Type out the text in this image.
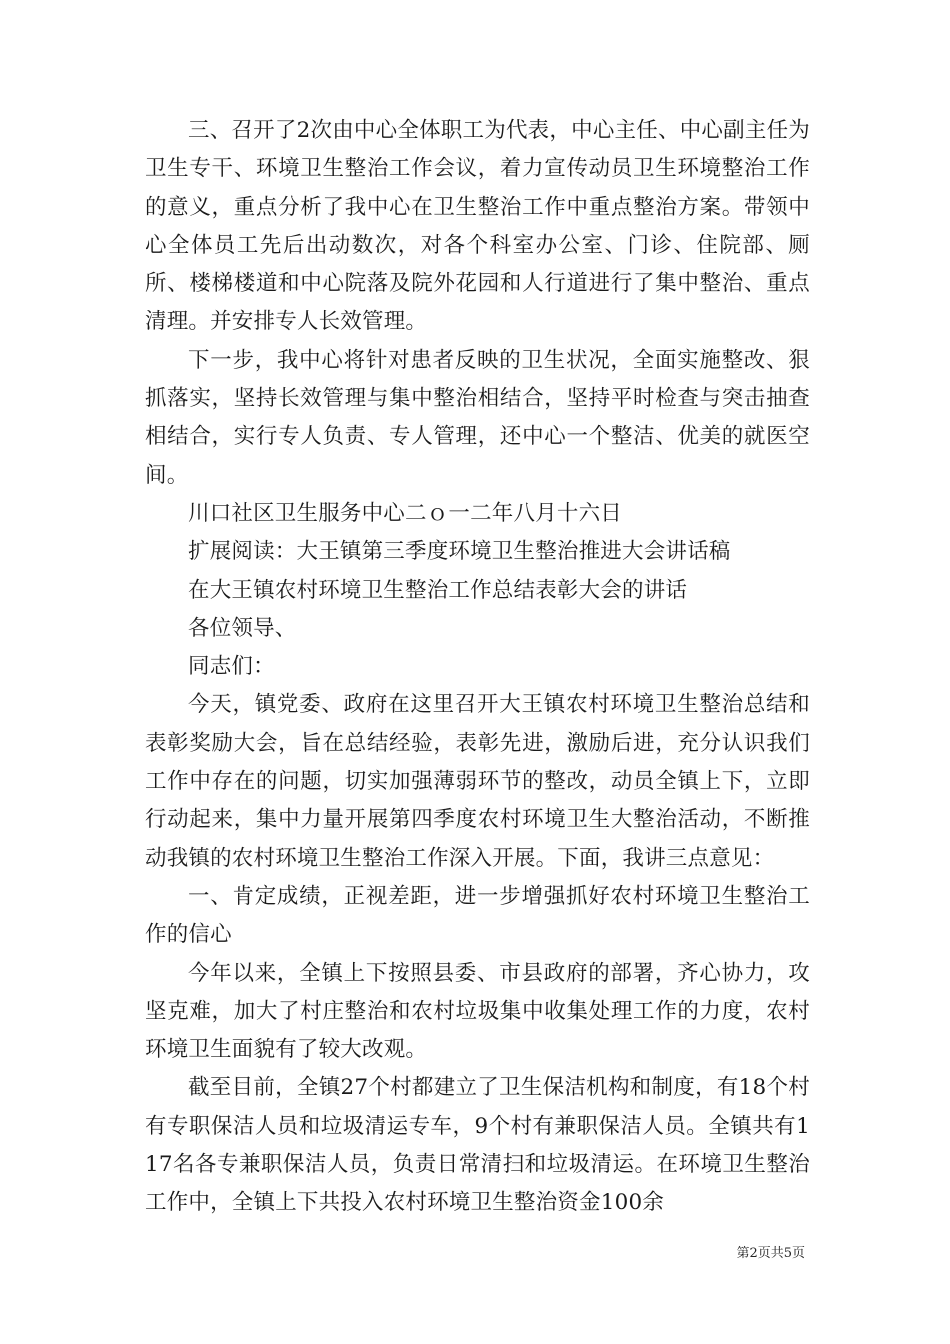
三、召开了2次由中心全体职工为代表，中心主任、中心副主任为卫生专干、环境卫生整治工作会议，着力宣传动员卫生环境整治工作的意义，重点分析了我中心在卫生整治工作中重点整治方案。带领中心全体员工先后出动数次，对各个科室办公室、门诊、住院部、厕所、楼梯楼道和中心院落及院外花园和人行道进行了集中整治、重点清理。并安排专人长效管理。

下一步，我中心将针对患者反映的卫生状况，全面实施整改、狠抓落实，坚持长效管理与集中整治相结合，坚持平时检查与突击抽查相结合，实行专人负责、专人管理，还中心一个整洁、优美的就医空间。

川口社区卫生服务中心二ｏ一二年八月十六日

扩展阅读：大王镇第三季度环境卫生整治推进大会讲话稿

在大王镇农村环境卫生整治工作总结表彰大会的讲话

各位领导、

同志们：

今天，镇党委、政府在这里召开大王镇农村环境卫生整治总结和表彰奖励大会，旨在总结经验，表彰先进，激励后进，充分认识我们工作中存在的问题，切实加强薄弱环节的整改，动员全镇上下，立即行动起来，集中力量开展第四季度农村环境卫生大整治活动，不断推动我镇的农村环境卫生整治工作深入开展。下面，我讲三点意见：

一、肯定成绩，正视差距，进一步增强抓好农村环境卫生整治工作的信心

今年以来，全镇上下按照县委、市县政府的部署，齐心协力，攻坚克难，加大了村庄整治和农村垃圾集中收集处理工作的力度，农村环境卫生面貌有了较大改观。

截至目前，全镇27个村都建立了卫生保洁机构和制度，有18个村有专职保洁人员和垃圾清运专车，9个村有兼职保洁人员。全镇共有117名各专兼职保洁人员，负责日常清扫和垃圾清运。在环境卫生整治工作中，全镇上下共投入农村环境卫生整治资金100余

第2页共5页
